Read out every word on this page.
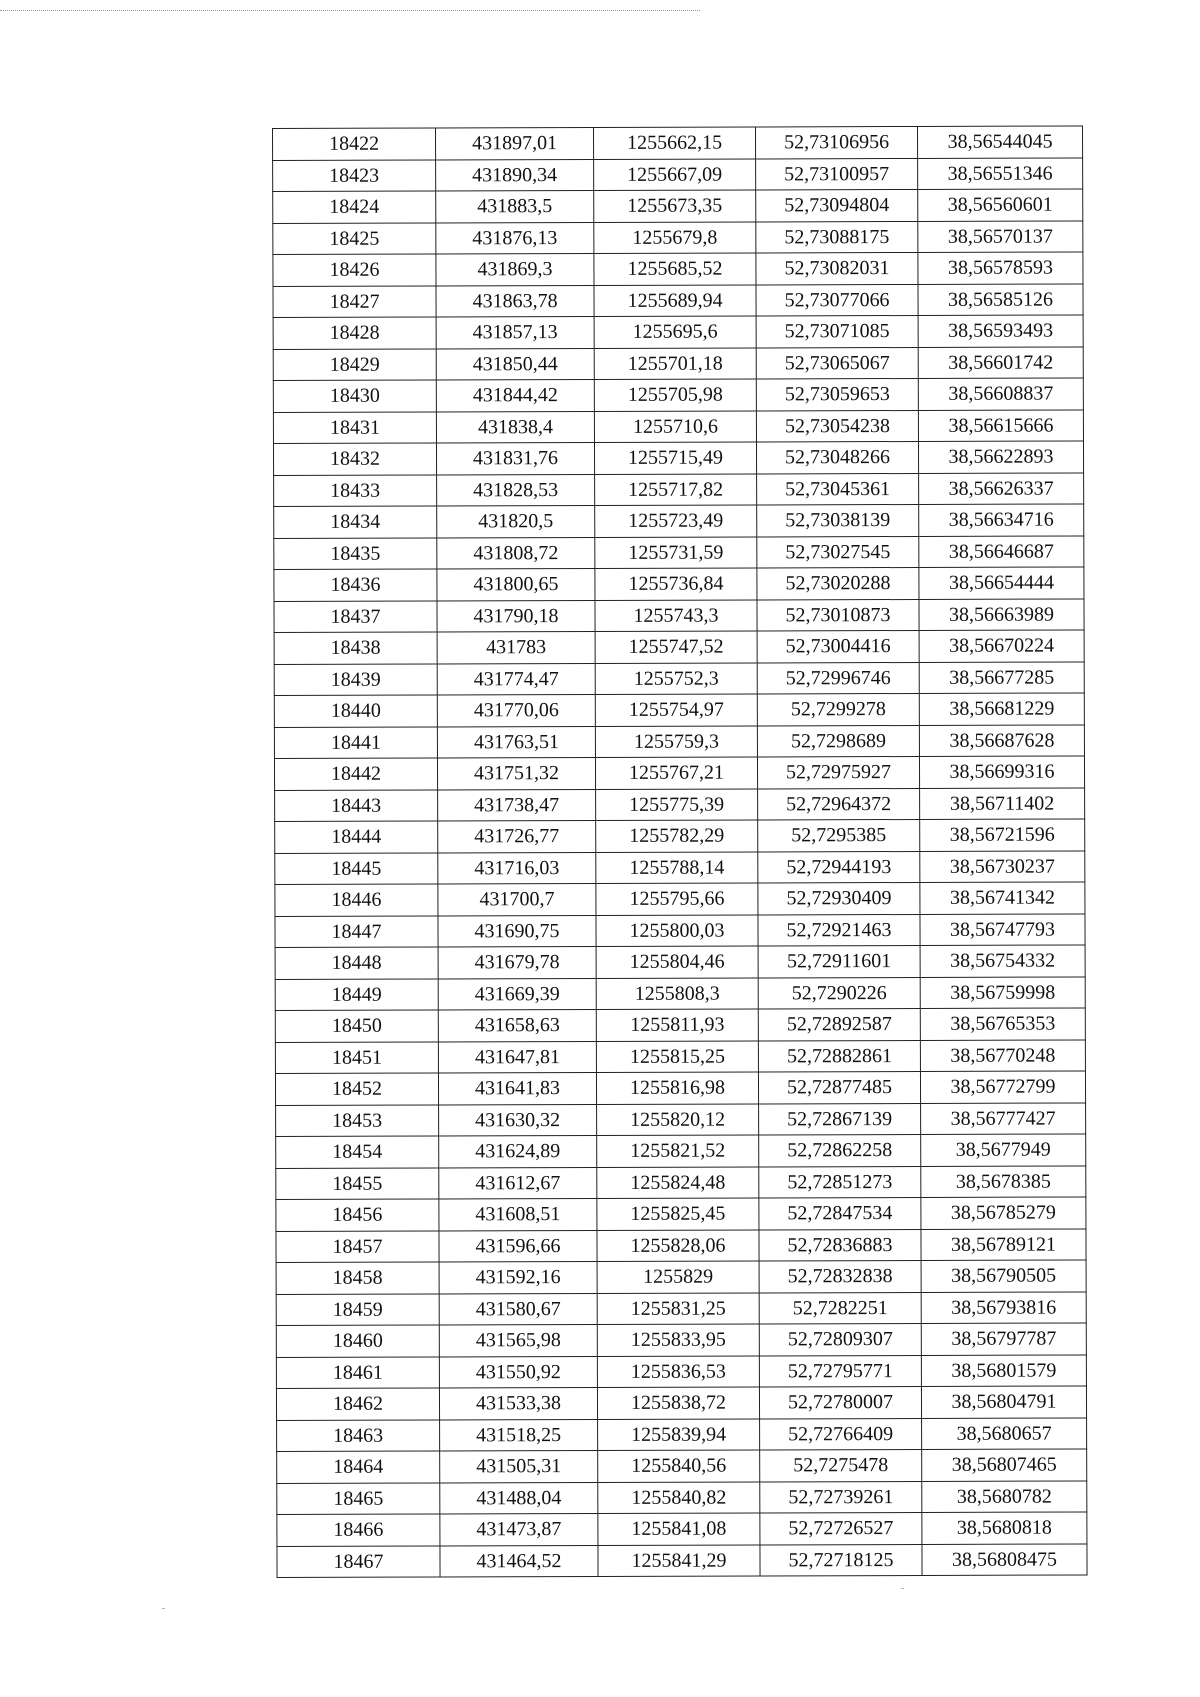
18422	431897,01	1255662,15	52,73106956	38,56544045
18423	431890,34	1255667,09	52,73100957	38,56551346
18424	431883,5	1255673,35	52,73094804	38,56560601
18425	431876,13	1255679,8	52,73088175	38,56570137
18426	431869,3	1255685,52	52,73082031	38,56578593
18427	431863,78	1255689,94	52,73077066	38,56585126
18428	431857,13	1255695,6	52,73071085	38,56593493
18429	431850,44	1255701,18	52,73065067	38,56601742
18430	431844,42	1255705,98	52,73059653	38,56608837
18431	431838,4	1255710,6	52,73054238	38,56615666
18432	431831,76	1255715,49	52,73048266	38,56622893
18433	431828,53	1255717,82	52,73045361	38,56626337
18434	431820,5	1255723,49	52,73038139	38,56634716
18435	431808,72	1255731,59	52,73027545	38,56646687
18436	431800,65	1255736,84	52,73020288	38,56654444
18437	431790,18	1255743,3	52,73010873	38,56663989
18438	431783	1255747,52	52,73004416	38,56670224
18439	431774,47	1255752,3	52,72996746	38,56677285
18440	431770,06	1255754,97	52,7299278	38,56681229
18441	431763,51	1255759,3	52,7298689	38,56687628
18442	431751,32	1255767,21	52,72975927	38,56699316
18443	431738,47	1255775,39	52,72964372	38,56711402
18444	431726,77	1255782,29	52,7295385	38,56721596
18445	431716,03	1255788,14	52,72944193	38,56730237
18446	431700,7	1255795,66	52,72930409	38,56741342
18447	431690,75	1255800,03	52,72921463	38,56747793
18448	431679,78	1255804,46	52,72911601	38,56754332
18449	431669,39	1255808,3	52,7290226	38,56759998
18450	431658,63	1255811,93	52,72892587	38,56765353
18451	431647,81	1255815,25	52,72882861	38,56770248
18452	431641,83	1255816,98	52,72877485	38,56772799
18453	431630,32	1255820,12	52,72867139	38,56777427
18454	431624,89	1255821,52	52,72862258	38,5677949
18455	431612,67	1255824,48	52,72851273	38,5678385
18456	431608,51	1255825,45	52,72847534	38,56785279
18457	431596,66	1255828,06	52,72836883	38,56789121
18458	431592,16	1255829	52,72832838	38,56790505
18459	431580,67	1255831,25	52,7282251	38,56793816
18460	431565,98	1255833,95	52,72809307	38,56797787
18461	431550,92	1255836,53	52,72795771	38,56801579
18462	431533,38	1255838,72	52,72780007	38,56804791
18463	431518,25	1255839,94	52,72766409	38,5680657
18464	431505,31	1255840,56	52,7275478	38,56807465
18465	431488,04	1255840,82	52,72739261	38,5680782
18466	431473,87	1255841,08	52,72726527	38,5680818
18467	431464,52	1255841,29	52,72718125	38,56808475
